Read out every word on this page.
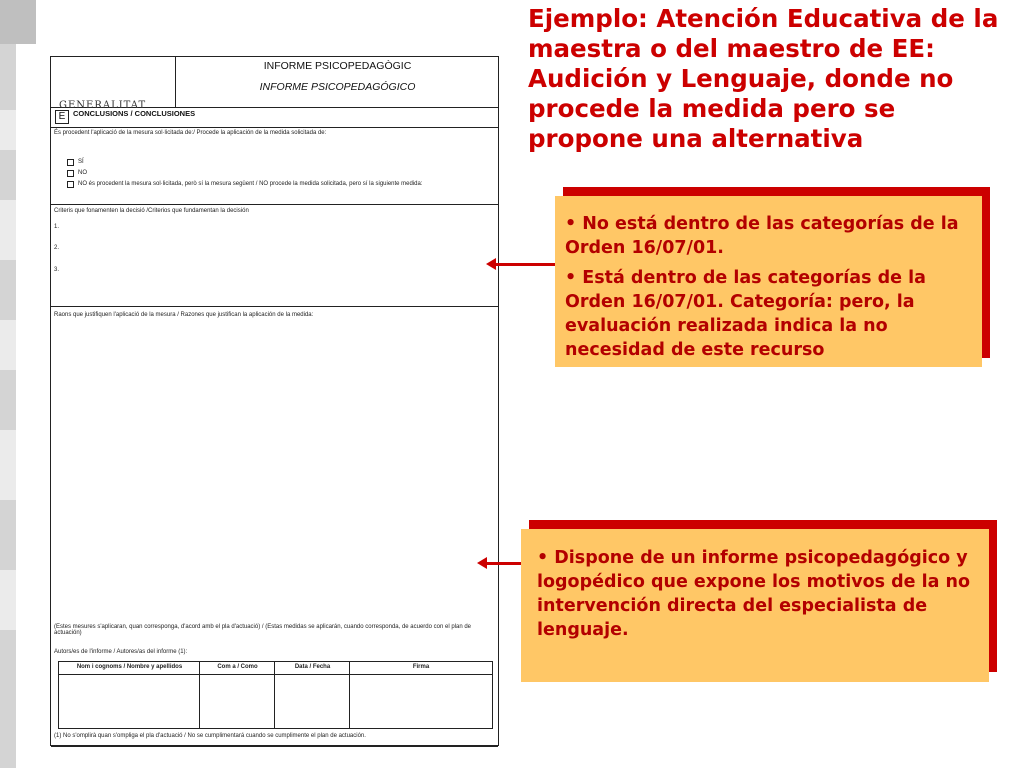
GENERALITAT
INFORME PSICOPEDAGÒGIC
INFORME PSICOPEDAGÓGICO
E	CONCLUSIONS / CONCLUSIONES
És procedent l'aplicació de la mesura sol·licitada de:/ Procede la aplicación de la medida solicitada de:
SÍ
NO
NO és procedent la mesura sol·licitada, però sí la mesura següent / NO procede la medida solicitada, pero sí la siguiente medida:
Criteris que fonamenten la decisió /Criterios que fundamentan la decisión
1.
2.
3.
Raons que justifiquen l'aplicació de la mesura / Razones que justifican la aplicación de la medida:
(Estes mesures s'aplicaran, quan corresponga, d'acord amb el pla d'actuació) / (Estas medidas se aplicarán, cuando corresponda, de acuerdo con el plan de actuación)
Autors/es de l'informe / Autores/as del informe (1):
Nom i cognoms / Nombre y apellidos	Com a / Como	Data / Fecha	Firma
(1) No s'omplirà quan s'ompliga el pla d'actuació / No se cumplimentará cuando se cumplimente el plan de actuación.
Ejemplo: Atención Educativa de la maestra o del maestro de EE: Audición y Lenguaje, donde no procede la medida pero se propone una alternativa

• No está dentro de las categorías de la Orden 16/07/01.

• Está dentro de las categorías de la Orden 16/07/01. Categoría: pero, la evaluación realizada indica la no necesidad de este recurso

• Dispone de un informe psicopedagógico y logopédico que expone los motivos de la no intervención directa del especialista de lenguaje.
